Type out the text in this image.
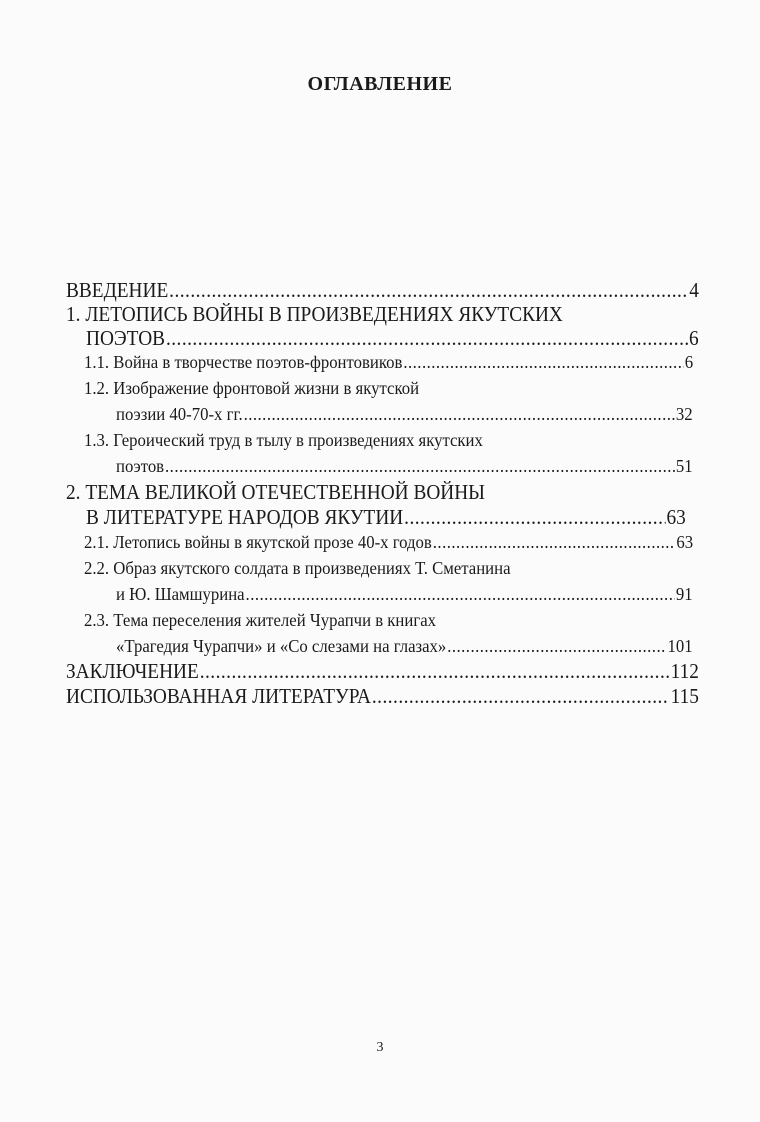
ОГЛАВЛЕНИЕ
ВВЕДЕНИЕ .....	4
1. ЛЕТОПИСЬ ВОЙНЫ В ПРОИЗВЕДЕНИЯХ ЯКУТСКИХ
ПОЭТОВ .....	6
1.1. Война в творчестве поэтов-фронтовиков .....	6
1.2. Изображение фронтовой жизни в якутской
поэзии 40-70-х гг. .....	32
1.3. Героический труд в тылу в произведениях якутских
поэтов .....	51
2. ТЕМА ВЕЛИКОЙ ОТЕЧЕСТВЕННОЙ ВОЙНЫ
В ЛИТЕРАТУРЕ НАРОДОВ ЯКУТИИ .....	63
2.1. Летопись войны в якутской прозе 40-х годов .....	63
2.2. Образ якутского солдата в произведениях Т. Сметанина
и Ю. Шамшурина .....	91
2.3. Тема переселения жителей Чурапчи в книгах
«Трагедия Чурапчи» и «Со слезами на глазах» .....	101
ЗАКЛЮЧЕНИЕ .....	112
ИСПОЛЬЗОВАННАЯ ЛИТЕРАТУРА .....	115
3
